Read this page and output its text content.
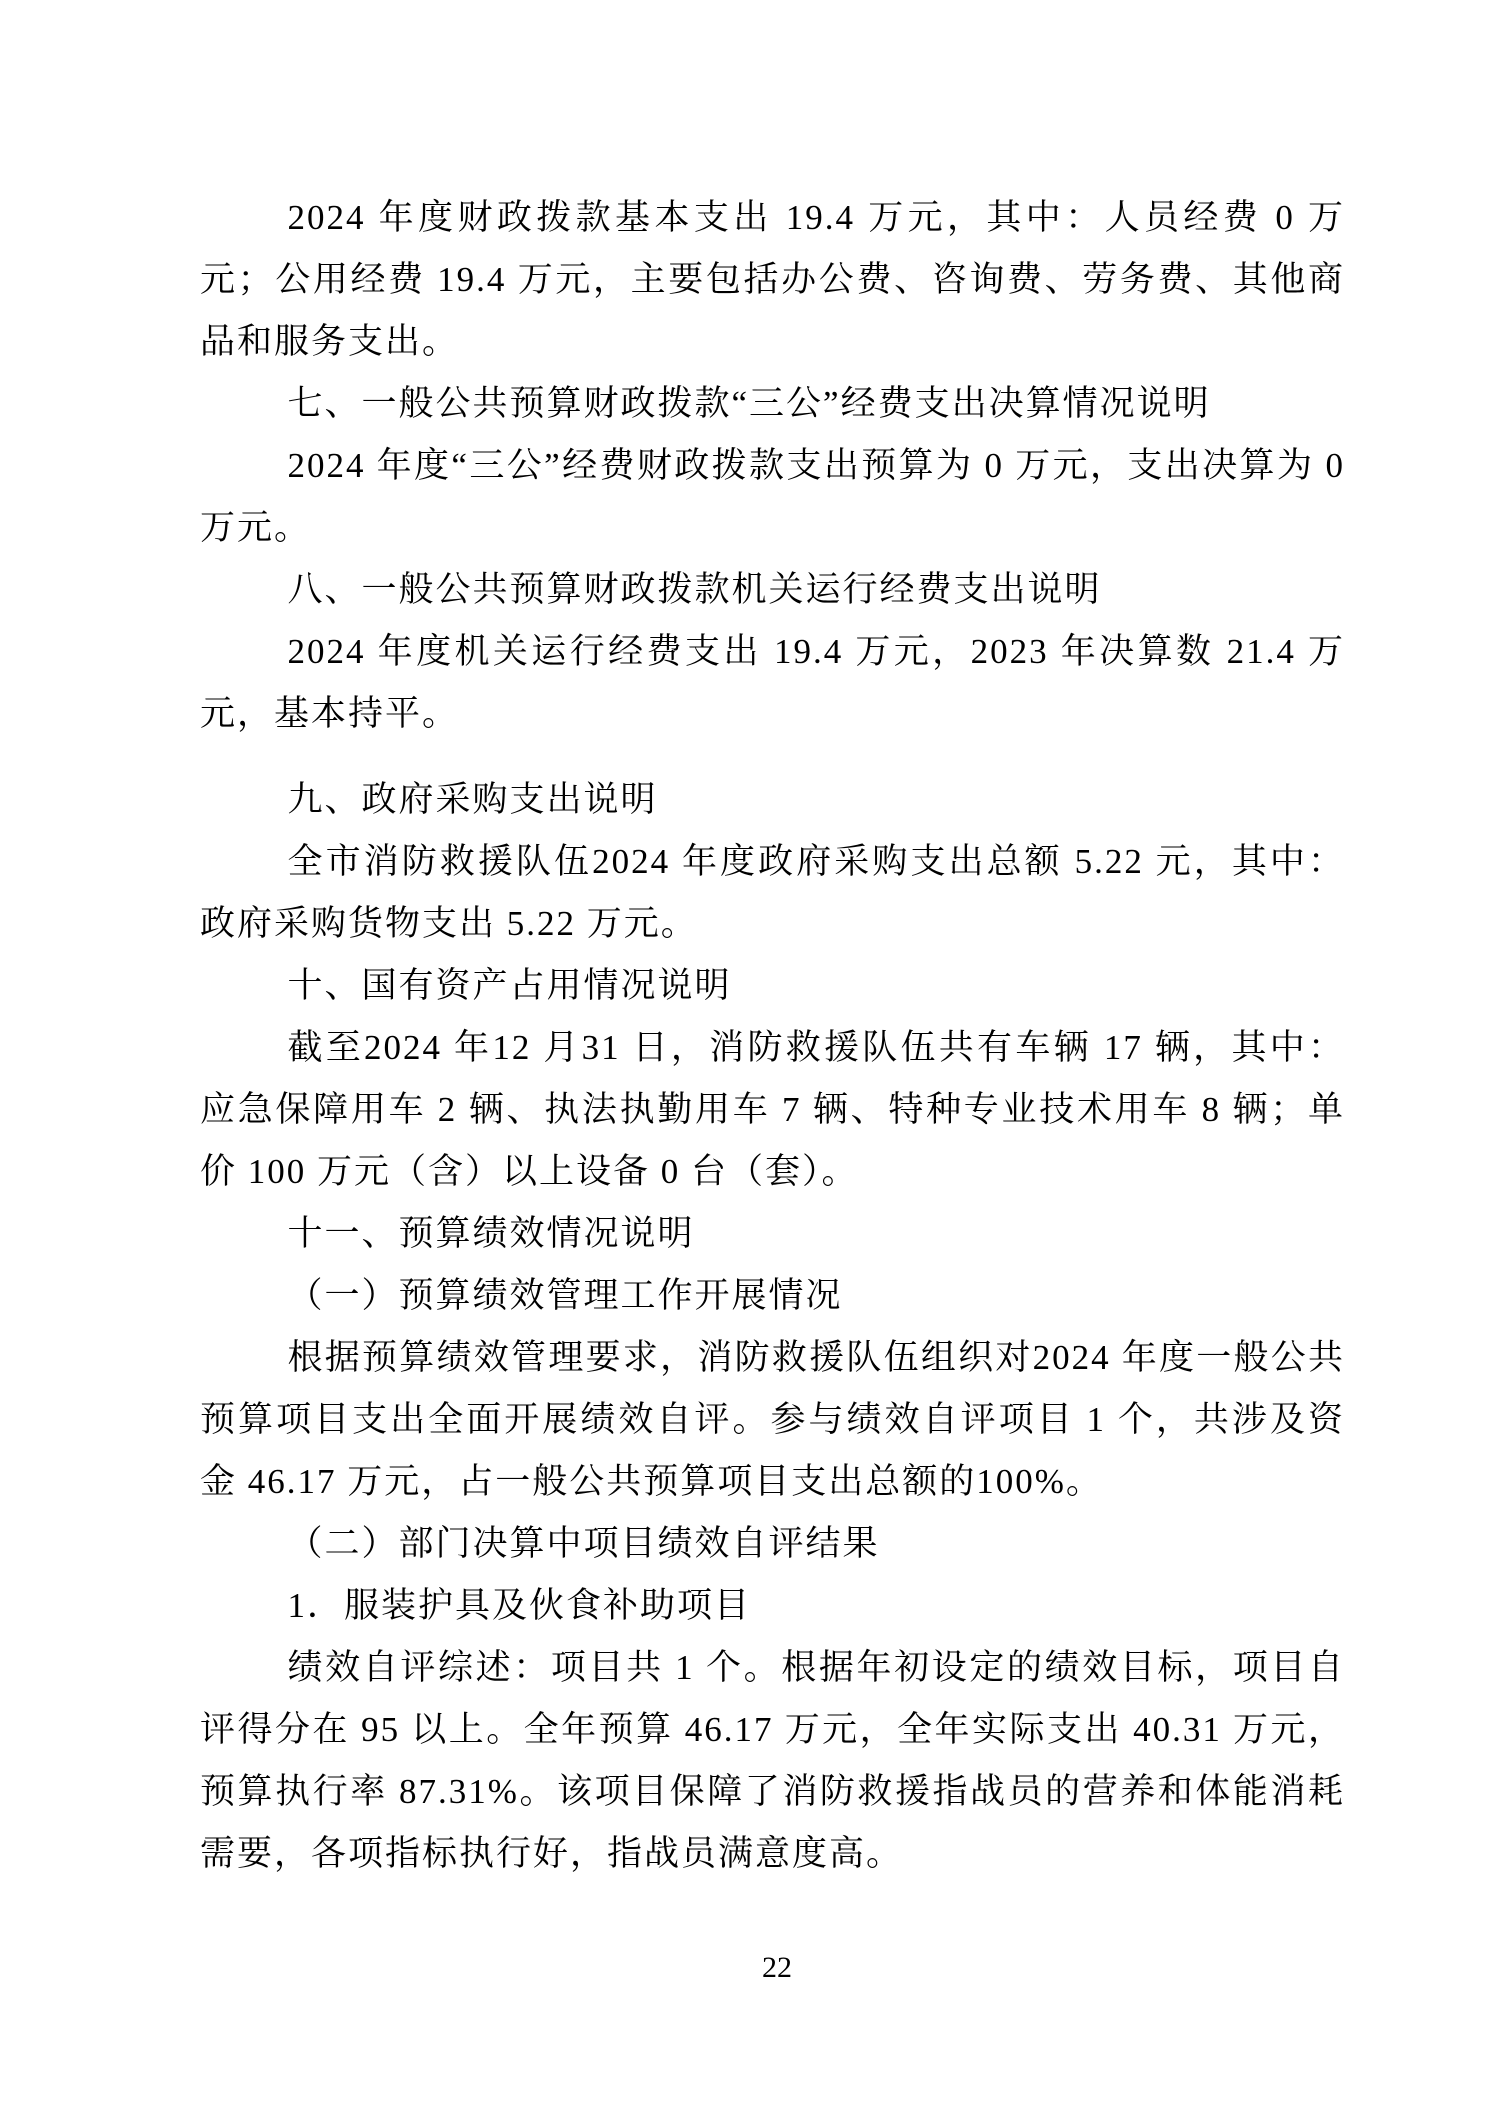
2024 年度财政拨款基本支出 19.4 万元，其中：人员经费 0 万元；公用经费 19.4 万元，主要包括办公费、咨询费、劳务费、其他商品和服务支出。

七、一般公共预算财政拨款“三公”经费支出决算情况说明

2024 年度“三公”经费财政拨款支出预算为 0 万元，支出决算为 0 万元。

八、一般公共预算财政拨款机关运行经费支出说明

2024 年度机关运行经费支出 19.4 万元，2023 年决算数 21.4 万元，基本持平。

九、政府采购支出说明

全市消防救援队伍2024 年度政府采购支出总额 5.22 元，其中：政府采购货物支出 5.22 万元。

十、国有资产占用情况说明

截至2024 年12 月31 日，消防救援队伍共有车辆 17 辆，其中：应急保障用车 2 辆、执法执勤用车 7 辆、特种专业技术用车 8 辆；单价 100 万元（含）以上设备 0 台（套）。

十一、预算绩效情况说明

（一）预算绩效管理工作开展情况

根据预算绩效管理要求，消防救援队伍组织对2024 年度一般公共预算项目支出全面开展绩效自评。参与绩效自评项目 1 个，共涉及资金 46.17 万元，占一般公共预算项目支出总额的100%。

（二）部门决算中项目绩效自评结果

1．服装护具及伙食补助项目

绩效自评综述：项目共 1 个。根据年初设定的绩效目标，项目自评得分在 95 以上。全年预算 46.17 万元，全年实际支出 40.31 万元，预算执行率 87.31%。该项目保障了消防救援指战员的营养和体能消耗需要，各项指标执行好，指战员满意度高。

22
